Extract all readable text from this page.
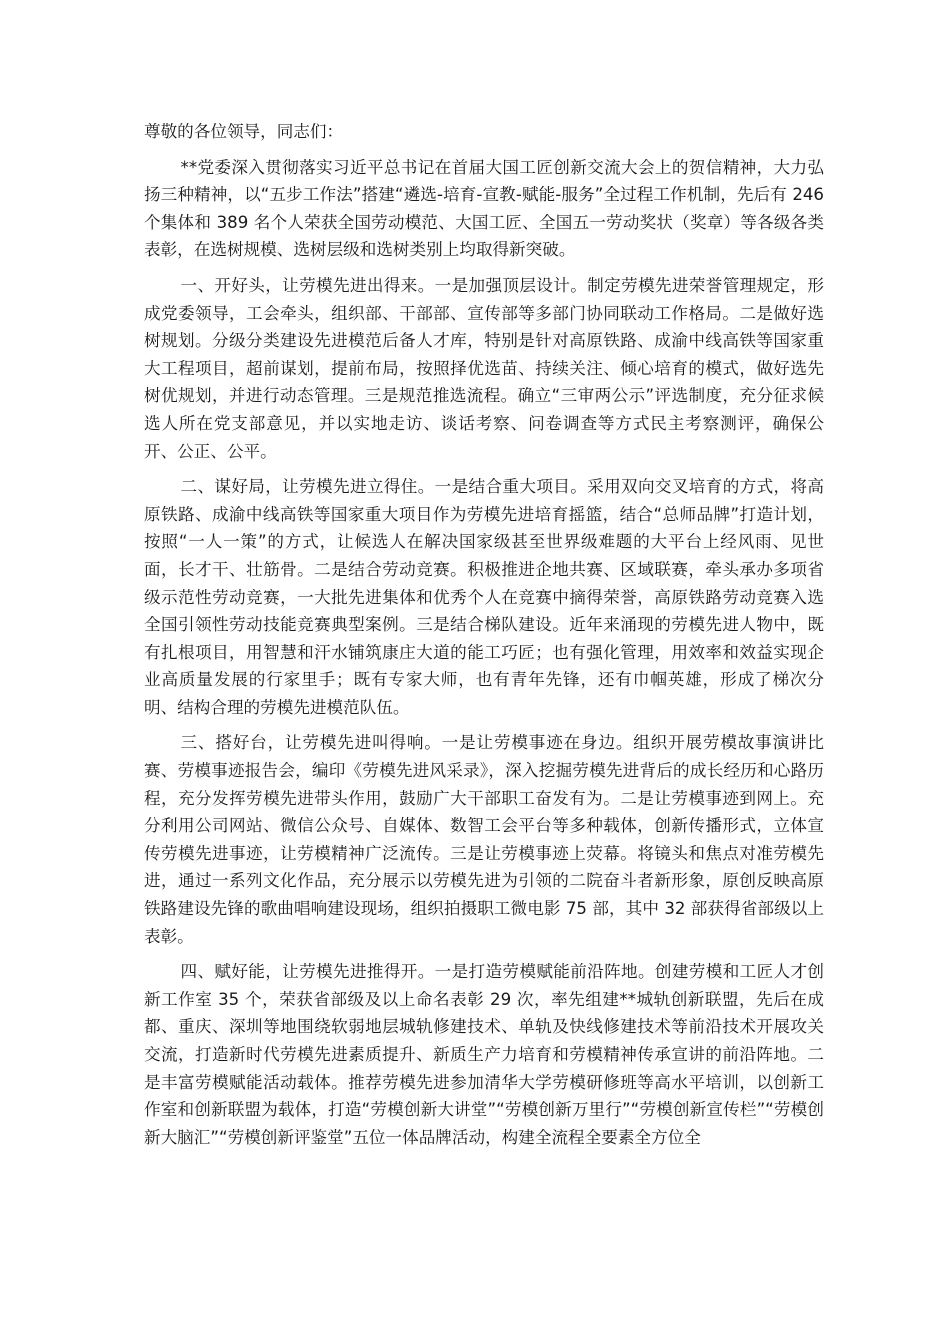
尊敬的各位领导，同志们：

**党委深入贯彻落实习近平总书记在首届大国工匠创新交流大会上的贺信精神，大力弘扬三种精神，以“五步工作法”搭建“遴选-培育-宣教-赋能-服务”全过程工作机制，先后有 246 个集体和 389 名个人荣获全国劳动模范、大国工匠、全国五一劳动奖状（奖章）等各级各类表彰，在选树规模、选树层级和选树类别上均取得新突破。

一、开好头，让劳模先进出得来。一是加强顶层设计。制定劳模先进荣誉管理规定，形成党委领导，工会牵头，组织部、干部部、宣传部等多部门协同联动工作格局。二是做好选树规划。分级分类建设先进模范后备人才库，特别是针对高原铁路、成渝中线高铁等国家重大工程项目，超前谋划，提前布局，按照择优选苗、持续关注、倾心培育的模式，做好选先树优规划，并进行动态管理。三是规范推选流程。确立“三审两公示”评选制度，充分征求候选人所在党支部意见，并以实地走访、谈话考察、问卷调查等方式民主考察测评，确保公开、公正、公平。

二、谋好局，让劳模先进立得住。一是结合重大项目。采用双向交叉培育的方式，将高原铁路、成渝中线高铁等国家重大项目作为劳模先进培育摇篮，结合“总师品牌”打造计划，按照“一人一策”的方式，让候选人在解决国家级甚至世界级难题的大平台上经风雨、见世面，长才干、壮筋骨。二是结合劳动竞赛。积极推进企地共赛、区域联赛，牵头承办多项省级示范性劳动竞赛，一大批先进集体和优秀个人在竞赛中摘得荣誉，高原铁路劳动竞赛入选全国引领性劳动技能竞赛典型案例。三是结合梯队建设。近年来涌现的劳模先进人物中，既有扎根项目，用智慧和汗水铺筑康庄大道的能工巧匠；也有强化管理，用效率和效益实现企业高质量发展的行家里手；既有专家大师，也有青年先锋，还有巾帼英雄，形成了梯次分明、结构合理的劳模先进模范队伍。

三、搭好台，让劳模先进叫得响。一是让劳模事迹在身边。组织开展劳模故事演讲比赛、劳模事迹报告会，编印《劳模先进风采录》，深入挖掘劳模先进背后的成长经历和心路历程，充分发挥劳模先进带头作用，鼓励广大干部职工奋发有为。二是让劳模事迹到网上。充分利用公司网站、微信公众号、自媒体、数智工会平台等多种载体，创新传播形式，立体宣传劳模先进事迹，让劳模精神广泛流传。三是让劳模事迹上荧幕。将镜头和焦点对准劳模先进，通过一系列文化作品，充分展示以劳模先进为引领的二院奋斗者新形象，原创反映高原铁路建设先锋的歌曲唱响建设现场，组织拍摄职工微电影 75 部，其中 32 部获得省部级以上表彰。

四、赋好能，让劳模先进推得开。一是打造劳模赋能前沿阵地。创建劳模和工匠人才创新工作室 35 个，荣获省部级及以上命名表彰 29 次，率先组建**城轨创新联盟，先后在成都、重庆、深圳等地围绕软弱地层城轨修建技术、单轨及快线修建技术等前沿技术开展攻关交流，打造新时代劳模先进素质提升、新质生产力培育和劳模精神传承宣讲的前沿阵地。二是丰富劳模赋能活动载体。推荐劳模先进参加清华大学劳模研修班等高水平培训，以创新工作室和创新联盟为载体，打造“劳模创新大讲堂”“劳模创新万里行”“劳模创新宣传栏”“劳模创新大脑汇”“劳模创新评鉴堂”五位一体品牌活动，构建全流程全要素全方位全
